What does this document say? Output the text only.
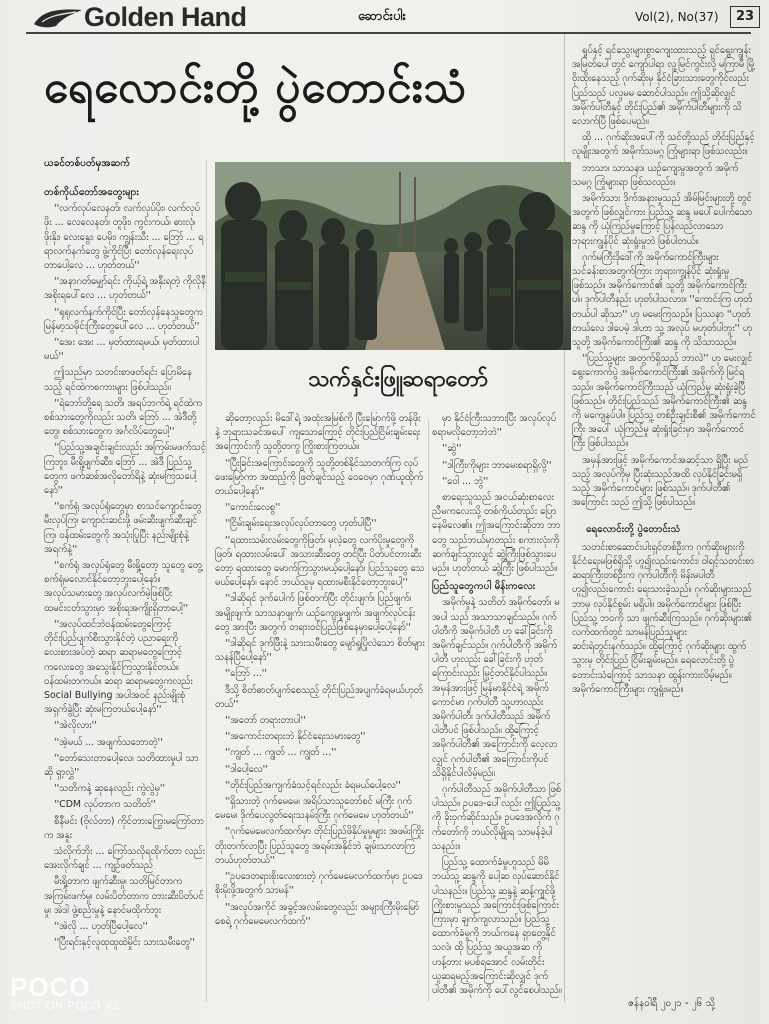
Golden Hand	ဆောင်းပါး	Vol(2), No(37)	23
ရေလောင်းတို့ ပွဲတောင်းသံ
ယခင်တစ်ပတ်မှအဆက်
သက်နှင်းဖြူဆရာတော်

တစ်ကိုယ်တော်အတွေးများ

''လက်လုပ်လေနတ်၊ လက်လုပ်ပိုး၊ လက်လုပ်ဖိုး ... လေလေနတ်၊ တူဖိုး၊ ကွင်းကယ်၊ ဓားလုံ၊ ဖိုးနိုး၊ လေးနွေး၊ ပေမိုး၊ ကျွန်းသီး ... ဘြော် ... ရရာလက်နက်တွေ ဖွဲ့ကိုင်ပြီး တော်လှန်ရေးလုပ်တာပေါ့လေ ... ဟုတ်တယ်''

''အနာဂတ်မျှော်ရင်း ကိုယ့်ရဲ့ အနှီးရတဲ့ ကိုလိုနီ အစိုးရပေါ်လေ ... ဟုတ်တယ်''

''ရုရုလက်နက်ကိုင်ပြီး တော်လှန်နေသူတွေက မြန်မာ့သမိုင်းကြီးတွေပေါ်လေ ... ဟုတ်တယ်''

''အေး အေး ... မှတ်ထားရမယ်၊ မှတ်ထားပါမယ်''

ဤသည်မှာ သတင်းစာဖတ်ရင်း ပြောမိနေသည့် ရင်ထဲကစကားများ ဖြစ်ပါသည်။

''ရဲဘော်တို့ရေ သတိ၊ အရပ်ဘက်ရဲ့ ရင်ထဲက စစ်သားတွေကိုလည်း သတိ၊ ဘြော် ... အဲဒီတို့တွေ၊ စစ်သားတွေက အင်္ဂလိပ်တွေပေါ့''

''ပြည်သူ့အချင်းချင်းလည်း အကြမ်းမဖက်သင့်ကြဘူး၊ မီးရှို့ဖျက်ဆီး၊ ဘြော် ... အဲဒီ ပြည်သူ့တွေက ဖက်ဆစ်အလိုတော်ရိနဲ့ ဆုံးမကြသပေါ့နော်''

''စက်ရုံ အလုပ်ရုံတွေမှာ စာသင်ကျောင်းတွေ မီးလှပ်ကြ၊ ကျောင်းဆင်းဖို့ ဖမ်းဆီးဖျက်ဆီးချင်ကြ၊ ဝန်ထမ်းတွေကို အသုံးပြုပြီး နည်းမျိုးစုံနဲ့ အရက်နဲ့''

''စက်ရုံ အလုပ်ရုံတွေ မီးရှို့တော့ သူတွေ တွေ့ စက်ရုံမလောင်နိုင်တော့ဘူးပေါ့နော်။ အလုပ်သမားတွေ အလုပ်လက်မဲ့ဖြစ်ပြီး ထမင်းငတ်သွားမှာ အစိုးရအကျိုးရှိတာပေါ့''

''အလုပ်ထင်ဘဲဝန်ထမ်းတွေကြောင့် တိုင်းပြည်ပျက်စီးသွားနိုင်တဲ့ ပညာရေးကို လေးစားအပ်တဲ့ ဆရာ ဆရာမတွေကြောင့် ကလေးတွေ အသွေးနိုင်ကြသွားနိုင်တယ်။ ဝန်ထမ်းတကယ်။ ဆရာ ဆရာမတွေကလည်း Social Bullying အပါအဝင် နည်းမျိုးစုံ အရှက်ခွဲပြီး ဆုံးမကြတယ်ပေါ့နော်''

''အဲလိုလား''

''အဲ့မယ် ... အဖျက်သဘောတဲ့''

''တော်သေးတာပေါ့လေ၊ သတိထားမှုပါ သာဆို ရှာ့လွှဲ''

''သတိကနဲ့ ဆုနေလည်း ကွဲလွဲမှ''

''CDM လုပ်တာက သတိတ်''

စီနီမင်း (ဗိုလ်တာ) ကိုင်တားကြွေးမကြော်တာက အနူး

သံလိုက်ဘိုး ... ကြော်သလိုရထိုက်တာ လည်း အေးလိုက်ချင် ... ကျဉ်ဖတ်သည်

မီးရှို့တာက ဖျက်ဆီးမှု၊ သတိမြင်တာက အကြမ်းဖက်မှု၊ လမ်းပိတ်တာက တားဆီးပိတ်ပင်မှု၊ အဲဒါ ဖွဲ့စည်းမှုနဲ့ နောင်မထိုက်ဘူး

''အဲလို ... ဟုတ်ပြီပေါ့လေ''

''ပြီးရင်းနှင့်လူထုထူထဲမှိုင်း သားသမီးတွေ''

ဆိုတော့လည်း မိဒေါ်ရဲ့ အထုံးအမြစ်ကို ပြီးမြောက်ဖို့ တန်ဖိုးနဲ့ ဘုရားသခင်အပေါ် ကျသောကြောင့် တိုင်းပြည်ငြိမ်းချမ်းရေး အကြောင်းကို သူတို့တကွ ကြိုးစားကြတယ်။

''ပြီးခြင်းအကြောင်းတွေကို သူတို့တစ်နိုင်သာတက်ကြ လုပ်ဖေးမြော်ကာ အထည့်ကို ဖြတ်ချင်သည့် ဝေဝေမှာ ဂုဏ်ယူထိုက်တယ်ပေါ့နော်''

''ကောင်းလေစွ''

''ငြိမ်းချမ်းရေးအလုပ်လုပ်တာတွေ ဟုတ်ပါပြီ''

''ရထားသမ်းလမ်းတွေကိုဖြတ်၊ မှလဲ့တွေ လက်ပိုးမှုတွေကို ဖြတ်၊ ရထားလမ်းပေါ် အသားဆီးတွေ တင်ပြီး ပိတ်ပင်တားဆီးတော့ ရထားတွေ မောက်ကြသွားမယ့်ပေါ့နော်၊ ပြည်သူတွေ သေမယ်ပေါ့နော်၊ နောင် ဘယ်သူမှ ရထားမစီးနိုင်တော့ဘူးပေါ့''

''ဒါဆိုရင် ဒုက်ပေါက် ဖြစ်တက်ပြီး တိုင်းဖျက်၊ ပြည်ဖျက်၊ အမျိုးဖျက်၊ သာသနာဖျက်၊ ယဉ်ကျေးမှုဖျက်၊ အဖျက်လုပ်ငန်းတွေ အားပြီး အတွက် တရားဝင်ပြည်ဖြစ်နေမှာပေါ့ပေါ့နော်''

''ဒါဆိုရင် ဒုက်ဖြီးနဲ့ သားသမီးတွေ မျော်ရှုပြိုလဲသော စိတ်များသနန်ပြီပေါ့နော်''

''ဘြော် ...''

ဒီသို့ စိတ်ဓာတ်ပျက်စေသည့် တိုင်းပြည်အပျက်ခံရမယ်ဟုတ်တယ်''

''အတော် တရားတာပါ''

''အကောင်းတရားဘဲ နိုင်ငံရေးသမားတွေ''

''ကျွတ် ... ကျွတ် ... ကျွတ် ...''

''ဒါပေါ့လေ''

''တိုင်းပြည်အကျက်ခံသင့်ရင်လည်း ခံရမယ်ပေါ့လေ''

''ရှိသားတဲ့ ဂုက်မေမေ၊ အရိပ်သာသူတော်စင် မကြီး ဂုက်မေမေ၊ ဒိုက်ပေလွတ်ရေးသနမ်းကြီး ဂုက်မေမေ ဟုတ်တယ်''

''ဂုက်မေမေလက်ထက်မှာ တိုင်းပြည်ဖိနှိပ်မှုမှုများ အဖမ်းကြိုးတိုးတက်လာပြီး ပြည်သူတွေ အရမ်းအနိုင်ဘဲ ချမ်းသာလာကြတယ်ဟုတ်တယ်''

''ဥပဒေတရားစိုးလေးစားတဲ့ ဂုက်မေမေလက်ထက်မှာ ဥပဒေစိုးမိုးဖို့အတွက် သာမန်''

''အလုပ်အကိုင် အခွင့်အလမ်းတွေလည်း အများကြီးမိုးမြော်စေရဲ့ ဂုက်မေမေလက်ထက်''

မှာ နိုင်ငံကြီးသဘားပြီး အလုပ်လုပ်စရာမလိုတော့ဘဲဘဲ''

''ဆွဲ''

''ဒါကြီးကိုများ ဘာမေးစရာရှိလို့''

''ဝေါ ... ဘွဲ''

စာရေးသူသည် အငယ်ဆုံးစာလေး ညီမကလေးသို့ တစ်ကိုယ်တည်း ပြောနေမိလေ၏။ ဤအကြောင်းဆိုတာ ဘာတွေ သည်ဘယ်မှာတည်း စကားလုံးကို ဆက်ချင်သွားလျှင် ဆွဲ့ကြီးဖြစ်သွားပေမည်။ ဟုတ်တယ် ဆွဲ့ကြီး ဖြစ်ပါသည်။

ပြည်သူတွေကပါ မိန်းကလေး

အမိုက်မှုနဲ့ သတိတ် အမိုက်တော်၊ မအပါ သည် အသာသာချင်သည်။ ဂုက်ပါတီကို အမိုက်ပါတီ ဟု ခေါ်ခြင်းကို အမိုက်ချင်သည်။ ဂုက်ပါတီကို အမိုက်ပါတီ ဟုလည်း ခေါ်ခြင်းကို ဟုတ်ကြောင်းလည်း မြှင့်တင်နိုင်ပါသည်။ အမှန်အားဖြင့် မြန်မာနိုင်ငံရဲ့ အမိုက်ကောင်မာ ဂုက်ပါတီ သူ့ဟာလည်း အမိုက်ပါတီ၊ ဒုက်ပါတီသည် အမိုက်ပါတီပင် ဖြစ်ပါသည်။ ထို့ကြောင့် အမိုက်ပါတီ၏ အကြောင်းကို လေ့လာလျှင် ဂုက်ပါတီ၏ အကြောင်းကိုပင် သိရှိနိုင်ပါလိမ့်မည်။

ဂုက်ပါတီသည် အမိုက်ပါတီသာ ဖြစ်ပါသည်။ ဥပဒေ-ပေါ်လည်း ဤပြည်သူ့ကို ခိုးဝှက်ဆိုင်သည်။ ဥပဒေအလိုက် ဂုက်တော်ကို ဘယ်လိုမျိုးရ သာမန်ခဲ့ပါသနည်း။

ပြည်သူ့ ထောက်ခံမှုဟူသည် မိမိဘယ်သူ့ ဆန္ဒကို ပေါ့ဆ လုပ်ဆောင်နိုင်ပါသနည်း။ ပြည်သူ့ ဆန္ဒနဲ့ ဆန့်ကျင်ဖို့ ကြိုးစားမှုသည် အကြောင်းဖြစ်ကြောင်း ကြားမှာ ချက်ကျလာသည်။ ပြည်သူ့ ထောက်ခံမှုကို ဘယ်ကနေ ရှာတွေ့နိုင်သလဲ၊ ထို ပြည်သူ့ အယူအဆ ကို ဟန့်တား မပစ်ရအောင် လမ်းတိုင်း ယူဆရမည့်အကြောင်းဆိုလျှင် ဒုက်ပါတီ၏ အမိုက်ကို ပေါ်လွင်စေပါသည်။

ရှုပ်နှင့် ရင်သွေးများစွာကျေးထားသည့် ရှင်ရွေးကျွန်း အမြတ်ပေါ်တွင် ကျော်ပါရာ လူ့မြင်ကွင်းလို့ မကြာမီ မြို့ဝိုးထိုးနေသည့် ဂုက်ဆိုးမှ နိုင်ငံခြားသားတွေကိုင်လည်းပြည်သည် ပလူမမ ဆောင်ပါသည်။ ဤသို့ဆိုလျှင် အမိုက်ပါတီနှင့် တိုင်းပြည်၏ အမိုက်ပါတီများကို သိလောက်ပြီ ဖြစ်ပေမည်။

ထို ... ဂုက်ဆိုးအပေါ်ကို သင်တို့သည် တိုင်းပြည်နှင့် လူမျိုးအတွက် အမိုက်သမဂ္ဂ ကြုံများရာ ဖြစ်သလည်း။

ဘာသာ၊ သာသနာ၊ ယဉ်ကျေးမှုအတွက် အမိုက်သမဂ္ဂ ကြုံများရာ ဖြစ်သလည်း။

အမိုက်သား ဒိုက်အနားမှုသည် အိမ်မြင်းများတို့ တွင်အတွက် ဖြစ်လျှင်ကား ပြည်သူ့ ဆန္ဒ မပေါ်ပေါက်သော ဆန္ဒ ကို ယုံကြည်မှုကြောင့် ပြန်လည်လာသော ဘုရားကျွန်ပိုင် ဆုံးရှုံးမှုဘဲ ဖြစ်ပါတယ်။

ဂုက်မကြီးဒိုဒေါ်ကို အမိုက်ကောင်ကြီးများ သင်ခန်းစာအတွက်ကြား ဘုရားကျွန်ပိုင် ဆုံးရှုံးမှုဖြစ်သည်။ အမိုက်ကောင်၏ သူတို့ အမိုက်ကောင်ကြီးပါ။ ဒုက်ပါတီနည်း ဟုတ်ပါသလား။ ''ကောင်းကြ ဟုတ်တယ်ပါ ဆိုသာ'' ဟု မမေးကြသည်။ ပြဿနာ ''ဟုတ်တယ်လေ ဒါပေမဲ့ ဒါဟာ သူ့ အလုပ် မဟုတ်ပါဘူး'' ဟု သူတို့ အမိုက်ကောင်ကြီး၏ ဆန္ဒ ကို သိသာသည်။

''ပြည်သူ့များ အတွက်ရှိသည် ဘာလဲ'' ဟု မေးလျှင် ရွေးကောက်ပွဲ အမိုက်ကောင်ကြီး၏ အမိုက်ကို မြင်ရသည်။ အမိုက်ကောင်ကြီးသည် ယုံကြည်မှု ဆုံးရှုံးခဲ့ပြီ ဖြစ်သည်။ တိုင်းပြည်သည် အမိုက်ကောင်ကြီး၏ ဆန္ဒ ကို မကျေနပ်ပါ။ ပြည်သူ့ တစ်ဦးချင်းစီ၏ အမိုက်ကောင်ကြီး အပေါ် ယုံကြည်မှု ဆုံးရှုံးခြင်းမှာ အမိုက်ကောင်ကြီး ဖြစ်ပါသည်။

အမှန်အားဖြင့် အမိုက်ကောင်အဆင့်သာ ရှိပြီး မည်သည့် အလုပ်ကိုမှ ပြီးဆုံးသည်အထိ လုပ်နိုင်ခြင်းမရှိသည့် အမိုက်ကောင်များ ဖြစ်သည်။ ဒုက်ပါတီ၏ အကြောင်း သည် ဤသို့ ဖြစ်ပါသည်။

ရေလောင်းတို့ ပွဲတောင်းသံ

သတင်းစာဆောင်းပါးရှင်တစ်ဦးက ဂုက်ဆိုးများကို နိုင်ငံရေးမဖြစ်ရှိသို့ ဟူ၍လည်းကောင်း၊ ဝါရင့်သတင်းစာ ဆရာကြီးတစ်ဦးက ဂုက်ပါတီကို မိန်းမပါတီဟူ၍လည်းကောင်း ရေးသားခဲ့သည်။ ဂုက်ဆိုးများသည် ဘာမှ လုပ်နိုင်စွမ်း မရှိပါ။ အမိုက်ကောင်များ ဖြစ်ပြီး ပြည်သူ့ ဘဝကို သာ ဖျက်ဆီးကြသည်။ ဂုက်ဆိုးများ၏ လက်ထက်တွင် သာမန်ပြည်သူများ ဆင်းရဲတွင်းနက်သည်။ ထို့ကြောင့် ဂုက်ဆိုးများ ထွက်သွားမှ တိုင်းပြည် ငြိမ်းချမ်းမည်။ ရေလောင်းတို့ ပွဲတောင်းသံကြောင့် သာသနာ ထွန်းကားလိမ့်မည်။ အမိုက်ကောင်ကြီးများ ကျရှုံးမည်။

ဇန်နဝါရီ ၂၀၂၁ - ၂၆ သို့
POCO
SHOT ON POCO X2
